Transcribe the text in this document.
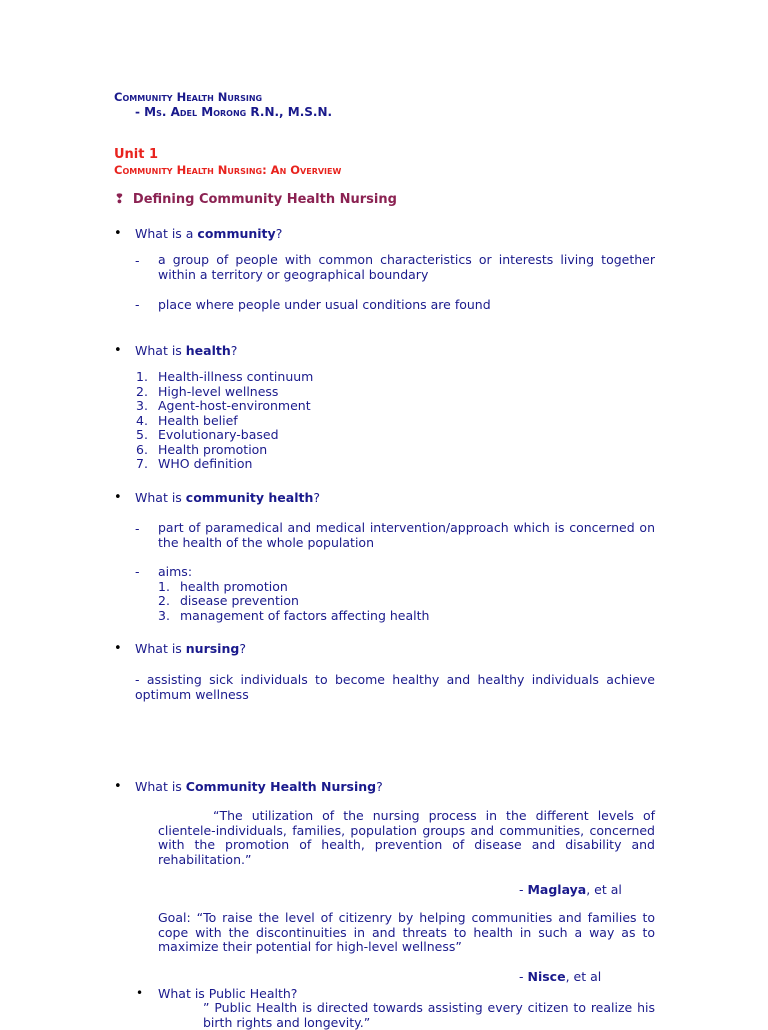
Community Health Nursing
- Ms. Adel Morong R.N., M.S.N.
Unit 1
Community Health Nursing: An Overview
❢ Defining Community Health Nursing
• What is a community?
- a group of people with common characteristics or interests living together within a territory or geographical boundary
- place where people under usual conditions are found
• What is health?
1. Health-illness continuum
2. High-level wellness
3. Agent-host-environment
4. Health belief
5. Evolutionary-based
6. Health promotion
7. WHO definition
• What is community health?
- part of paramedical and medical intervention/approach which is concerned on the health of the whole population
- aims:
1. health promotion
2. disease prevention
3. management of factors affecting health
• What is nursing?
- assisting sick individuals to become healthy and healthy individuals achieve optimum wellness
• What is Community Health Nursing?
“The utilization of the nursing process in the different levels of clientele-individuals, families, population groups and communities, concerned with the promotion of health, prevention of disease and disability and rehabilitation.”
- Maglaya, et al
Goal: “To raise the level of citizenry by helping communities and families to cope with the discontinuities in and threats to health in such a way as to maximize their potential for high-level wellness”
- Nisce, et al
• What is Public Health?
” Public Health is directed towards assisting every citizen to realize his birth rights and longevity.”
